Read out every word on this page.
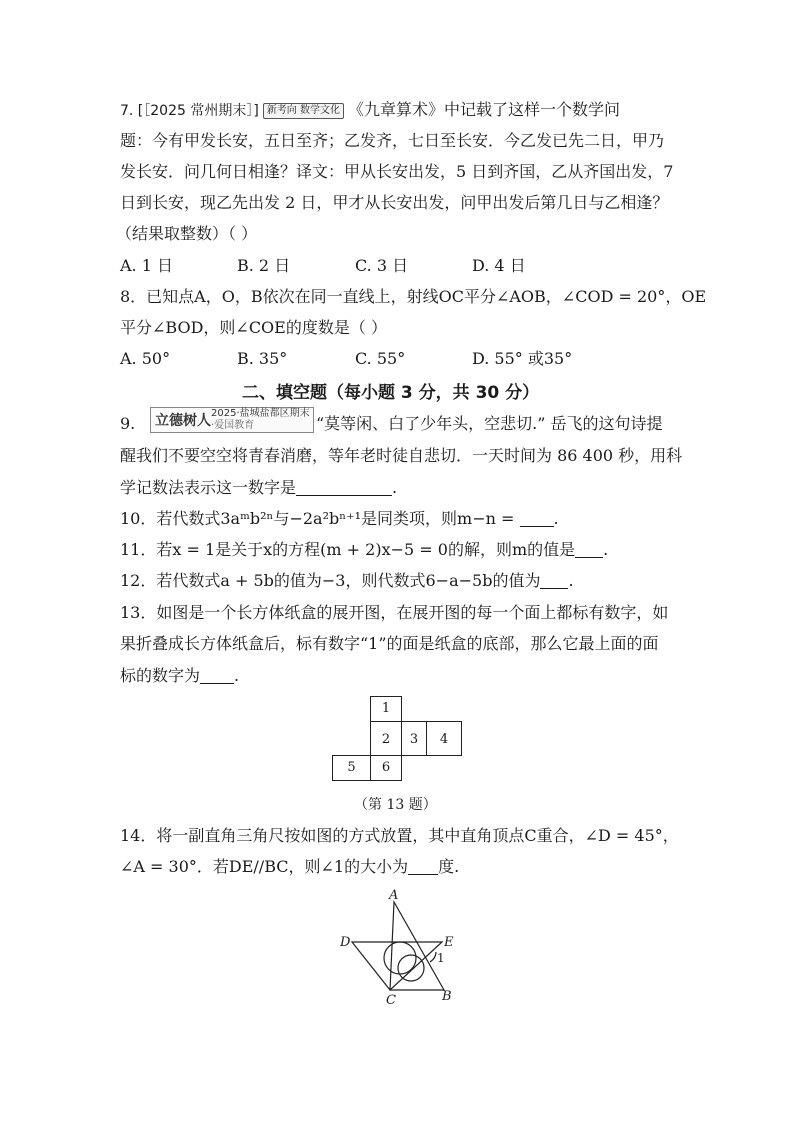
7. [［2025 常州期末］] 新考向 数学文化 《九章算术》中记载了这样一个数学问
题：今有甲发长安，五日至齐；乙发齐，七日至长安．今乙发已先二日，甲乃
发长安．问几何日相逢？译文：甲从长安出发，5 日到齐国，乙从齐国出发，7
日到长安，现乙先出发 2 日，甲才从长安出发，问甲出发后第几日与乙相逢？
（结果取整数）（ ）
A. 1 日	B. 2 日	C. 3 日	D. 4 日
8．已知点A，O，B依次在同一直线上，射线OC平分∠AOB，∠COD = 20°，OE
平分∠BOD，则∠COE的度数是（ ）
A. 50°	B. 35°	C. 55°	D. 55° 或35°
二、填空题（每小题 3 分，共 30 分）
9. 立德树人 2025·盐城盐都区期末
·爱国教育	“莫等闲、白了少年头，空悲切.” 岳飞的这句诗提
醒我们不要空空将青春消磨，等年老时徒自悲切．一天时间为 86 400 秒，用科
学记数法表示这一数字是	.
10．若代数式3aᵐb²ⁿ与−2a²bⁿ⁺¹是同类项，则m−n = .
11．若x = 1是关于x的方程(m + 2)x−5 = 0的解，则m的值是 .
12．若代数式a + 5b的值为−3，则代数式6−a−5b的值为 .
13．如图是一个长方体纸盒的展开图，在展开图的每一个面上都标有数字，如
果折叠成长方体纸盒后，标有数字“1”的面是纸盒的底部，那么它最上面的面
标的数字为 .
1
2	3	4
5	6
（第 13 题）
14．将一副直角三角尺按如图的方式放置，其中直角顶点C重合，∠D = 45°，
∠A = 30°．若DE//BC，则∠1的大小为 度.
A
D	E
1
C	B
